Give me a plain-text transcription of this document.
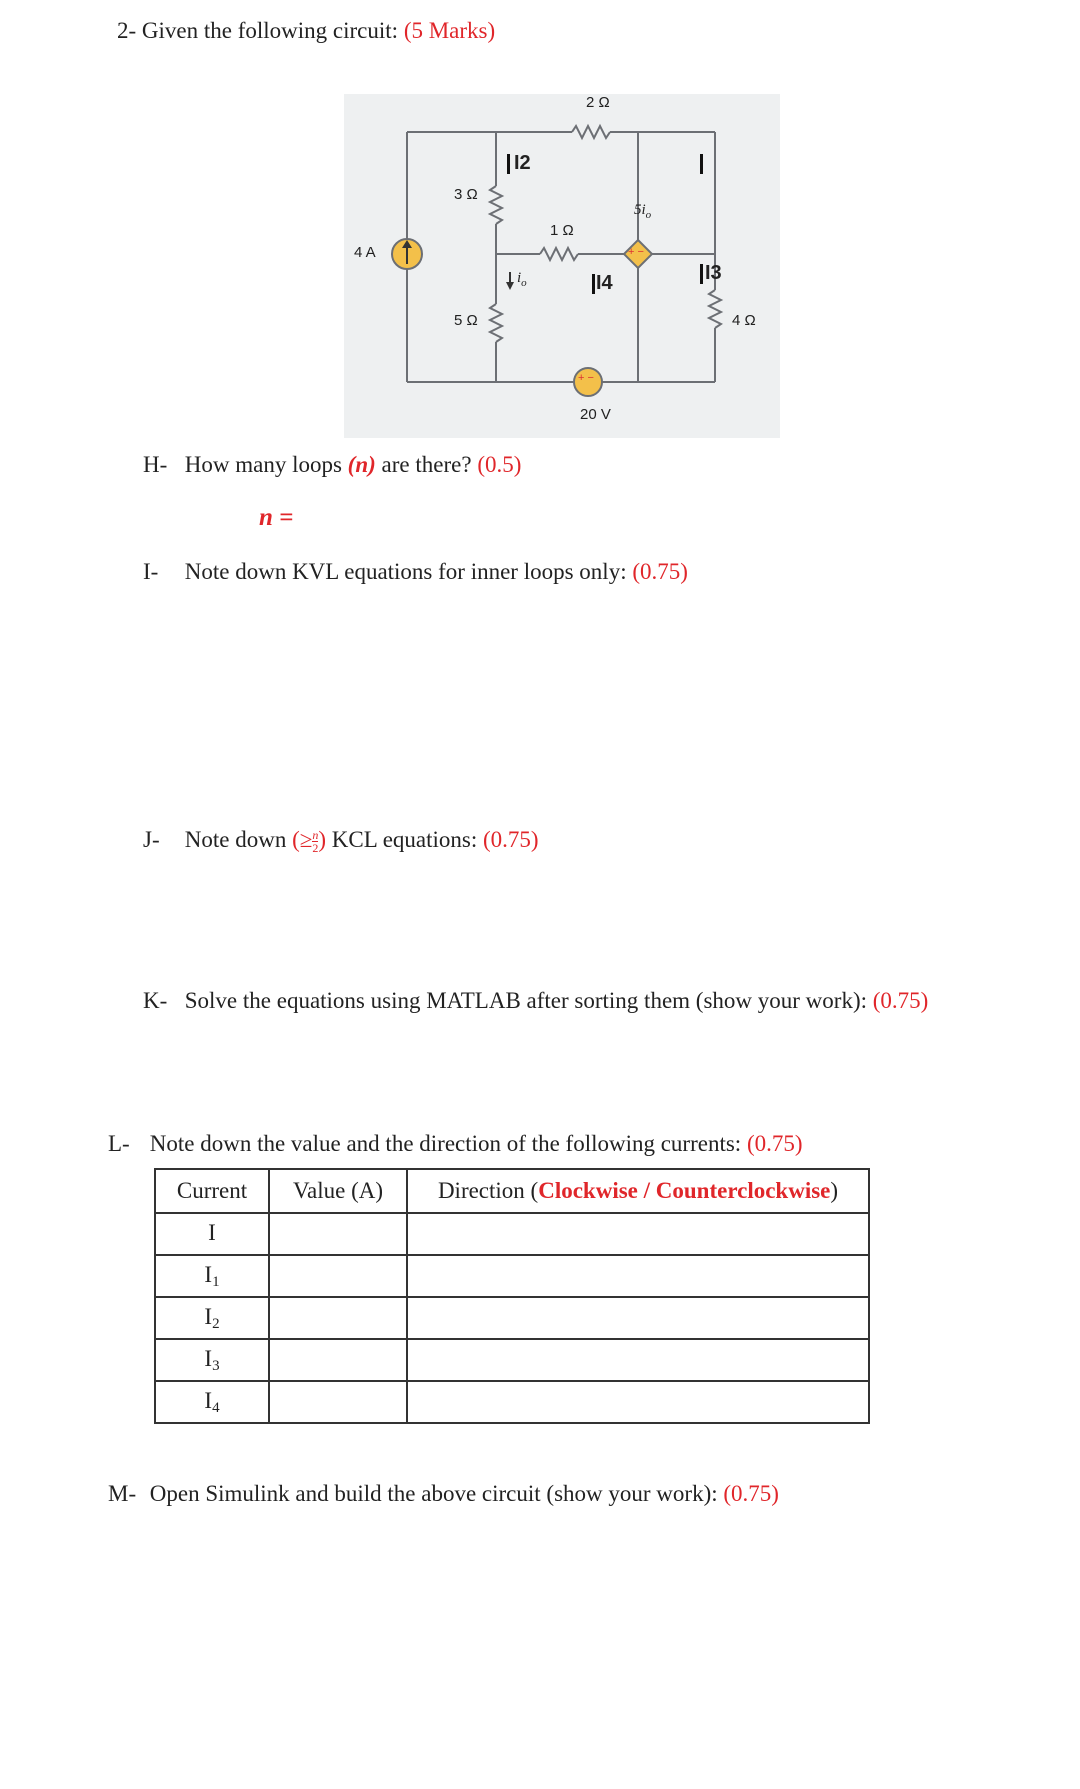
2- Given the following circuit: (5 Marks)
2 Ω
3 Ω
1 Ω
5 Ω	4 Ω
4 A
$5i_o$
$i_o$
20 V
+ −
+ −
I2
I3
I4
H- How many loops (n) are there? (0.5)
n =
I- Note down KVL equations for inner loops only: (0.75)
J- Note down (≥ $\frac{n}{2}$ ) KCL equations: (0.75)
K- Solve the equations using MATLAB after sorting them (show your work): (0.75)
L- Note down the value and the direction of the following currents: (0.75)
Current	Value (A)	Direction (Clockwise / Counterclockwise)
I		
$I_1$		
$I_2$		
$I_3$		
$I_4$		
M- Open Simulink and build the above circuit (show your work): (0.75)
